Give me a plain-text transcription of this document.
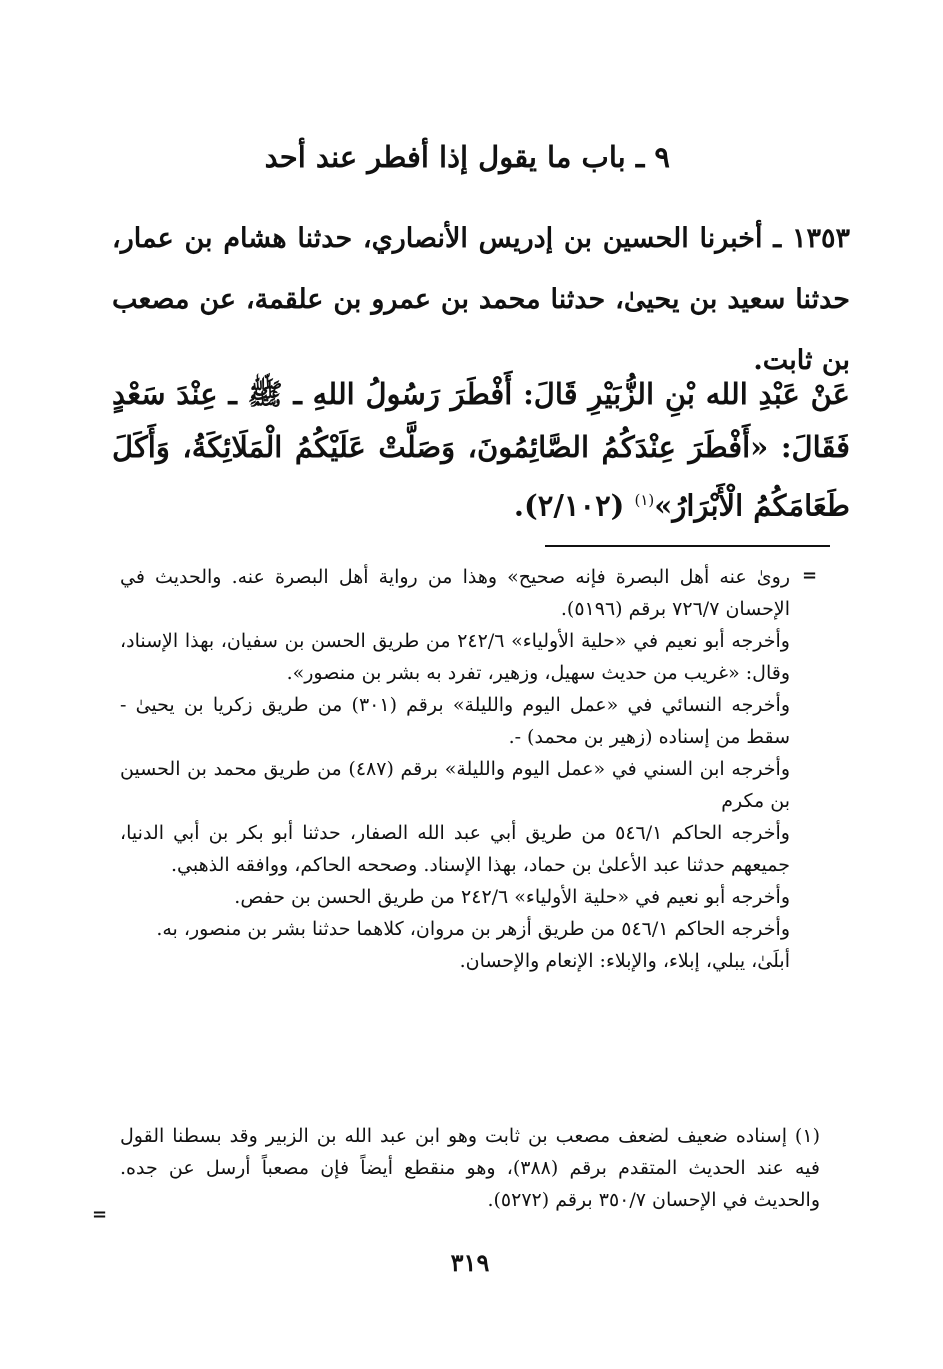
٩ ـ باب ما يقول إذا أفطر عند أحد
١٣٥٣ ـ أخبرنا الحسين بن إدريس الأنصاري، حدثنا هشام بن عمار، حدثنا سعيد بن يحيىٰ، حدثنا محمد بن عمرو بن علقمة، عن مصعب بن ثابت.
عَنْ عَبْدِ الله بْنِ الزُّبَيْرِ قَالَ: أَفْطَرَ رَسُولُ اللهِ ـ ﷺ ـ عِنْدَ سَعْدٍ فَقَالَ: «أَفْطَرَ عِنْدَكُمُ الصَّائِمُونَ، وَصَلَّتْ عَلَيْكُمُ الْمَلَائِكَةُ، وَأَكَلَ طَعَامَكُمُ الْأَبْرَارُ»$^{(١)}$ (٢/١٠٢).
=

رویٰ عنه أهل البصرة فإنه صحيح» وهذا من رواية أهل البصرة عنه. والحديث في الإحسان ٧٢٦/٧ برقم (٥١٩٦).

وأخرجه أبو نعيم في «حلية الأولياء» ٢٤٢/٦ من طريق الحسن بن سفيان، بهذا الإسناد، وقال: «غريب من حديث سهيل، وزهير، تفرد به بشر بن منصور».

وأخرجه النسائي في «عمل اليوم والليلة» برقم (٣٠١) من طريق زكريا بن يحيىٰ - سقط من إسناده (زهير بن محمد) -.

وأخرجه ابن السني في «عمل اليوم والليلة» برقم (٤٨٧) من طريق محمد بن الحسين بن مكرم

وأخرجه الحاكم ٥٤٦/١ من طريق أبي عبد الله الصفار، حدثنا أبو بكر بن أبي الدنيا، جميعهم حدثنا عبد الأعلىٰ بن حماد، بهذا الإسناد. وصححه الحاكم، ووافقه الذهبي.

وأخرجه أبو نعيم في «حلية الأولياء» ٢٤٢/٦ من طريق الحسن بن حفص.

وأخرجه الحاكم ٥٤٦/١ من طريق أزهر بن مروان، كلاهما حدثنا بشر بن منصور، به.

أبلَىٰ، يبلي، إبلاء، والإبلاء: الإنعام والإحسان.

(١) إسناده ضعيف لضعف مصعب بن ثابت وهو ابن عبد الله بن الزبير وقد بسطنا القول فيه عند الحديث المتقدم برقم (٣٨٨)، وهو منقطع أيضاً فإن مصعباً أرسل عن جده. والحديث في الإحسان ٣٥٠/٧ برقم (٥٢٧٢).
=
٣١٩
